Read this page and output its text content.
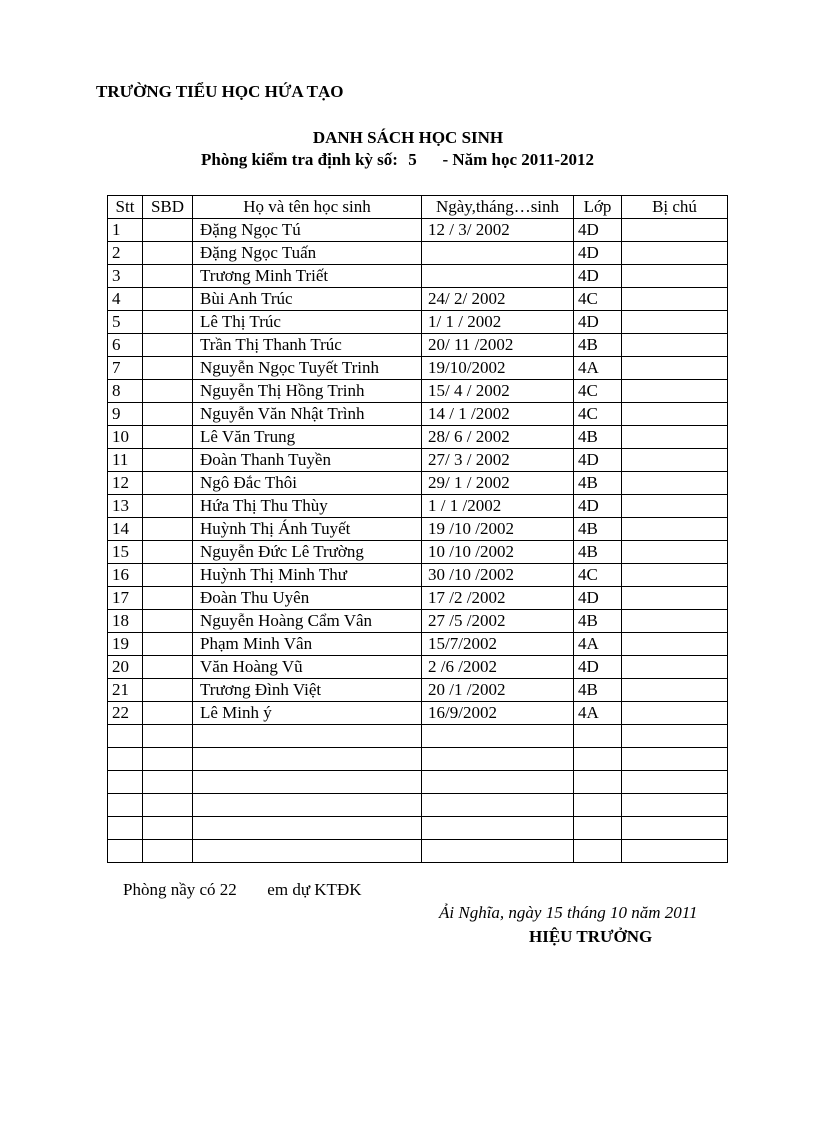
TRƯỜNG TIỂU HỌC HỨA TẠO
DANH SÁCH HỌC SINH
Phòng kiểm tra định kỳ số: 5 - Năm học 2011-2012
Stt	SBD	Họ và tên học sinh	Ngày,tháng…sinh	Lớp	Bị chú
1		Đặng Ngọc Tú	12 / 3/ 2002	4D	
2		Đặng Ngọc Tuấn		4D	
3		Trương Minh Triết		4D	
4		Bùi Anh Trúc	24/ 2/ 2002	4C	
5		Lê Thị Trúc	1/ 1 / 2002	4D	
6		Trần Thị Thanh Trúc	20/ 11 /2002	4B	
7		Nguyễn Ngọc Tuyết Trinh	19/10/2002	4A	
8		Nguyễn Thị Hồng Trinh	15/ 4 / 2002	4C	
9		Nguyễn Văn Nhật Trình	14 / 1 /2002	4C	
10		Lê Văn Trung	28/ 6 / 2002	4B	
11		Đoàn Thanh Tuyền	27/ 3 / 2002	4D	
12		Ngô Đắc Thôi	29/ 1 / 2002	4B	
13		Hứa Thị Thu Thùy	1 / 1 /2002	4D	
14		Huỳnh Thị Ánh Tuyết	19 /10 /2002	4B	
15		Nguyễn Đức Lê Trường	10 /10 /2002	4B	
16		Huỳnh Thị Minh Thư	30 /10 /2002	4C	
17		Đoàn Thu Uyên	17 /2 /2002	4D	
18		Nguyễn Hoàng Cẩm Vân	27 /5 /2002	4B	
19		Phạm Minh Vân	15/7/2002	4A	
20		Văn Hoàng Vũ	2 /6 /2002	4D	
21		Trương Đình Việt	20 /1 /2002	4B	
22		Lê Minh ý	16/9/2002	4A	

Phòng nầy có 22 em dự KTĐK
Ải Nghĩa, ngày 15 tháng 10 năm 2011
HIỆU TRƯỞNG
